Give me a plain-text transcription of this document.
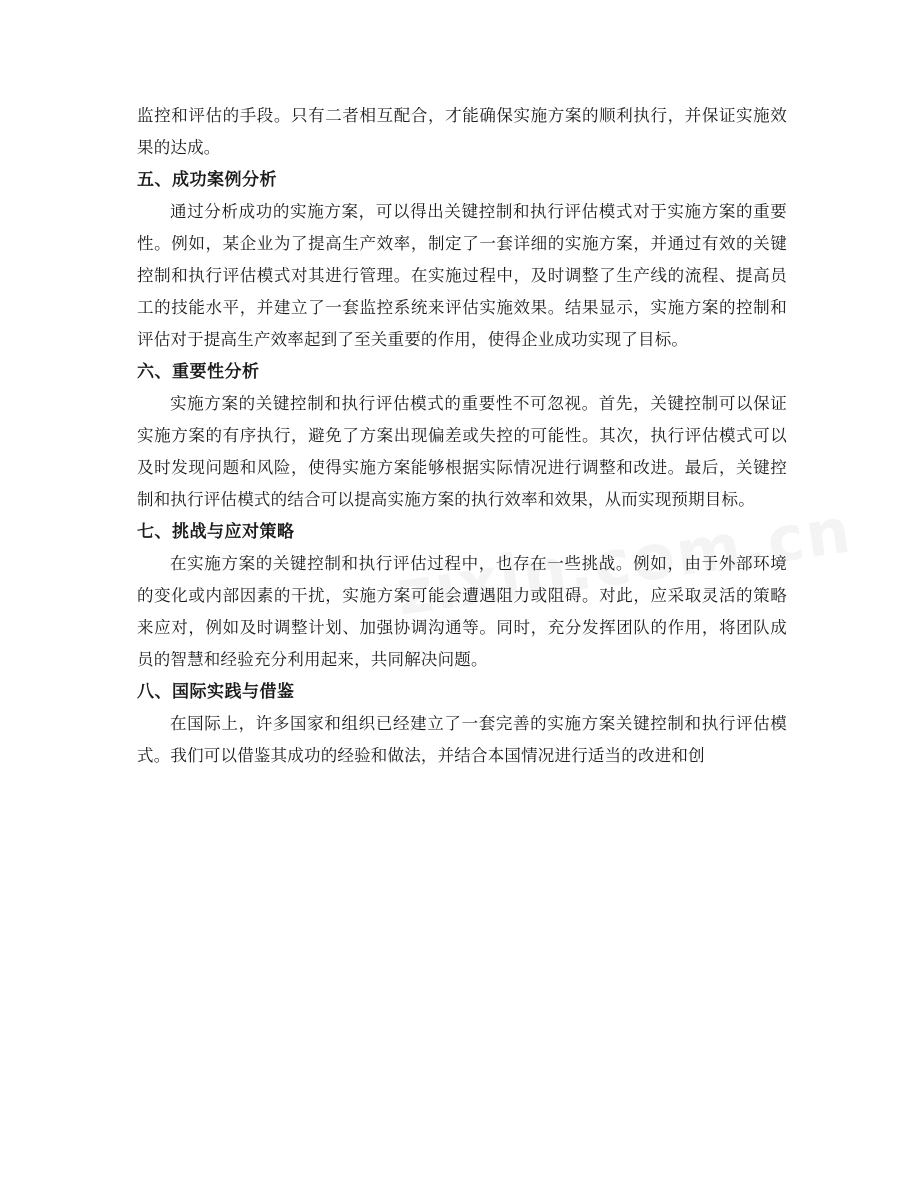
监控和评估的手段。只有二者相互配合，才能确保实施方案的顺利执行，并保证实施效果的达成。

五、成功案例分析

通过分析成功的实施方案，可以得出关键控制和执行评估模式对于实施方案的重要性。例如，某企业为了提高生产效率，制定了一套详细的实施方案，并通过有效的关键控制和执行评估模式对其进行管理。在实施过程中，及时调整了生产线的流程、提高员工的技能水平，并建立了一套监控系统来评估实施效果。结果显示，实施方案的控制和评估对于提高生产效率起到了至关重要的作用，使得企业成功实现了目标。

六、重要性分析

实施方案的关键控制和执行评估模式的重要性不可忽视。首先，关键控制可以保证实施方案的有序执行，避免了方案出现偏差或失控的可能性。其次，执行评估模式可以及时发现问题和风险，使得实施方案能够根据实际情况进行调整和改进。最后，关键控制和执行评估模式的结合可以提高实施方案的执行效率和效果，从而实现预期目标。

七、挑战与应对策略

在实施方案的关键控制和执行评估过程中，也存在一些挑战。例如，由于外部环境的变化或内部因素的干扰，实施方案可能会遭遇阻力或阻碍。对此，应采取灵活的策略来应对，例如及时调整计划、加强协调沟通等。同时，充分发挥团队的作用，将团队成员的智慧和经验充分利用起来，共同解决问题。

八、国际实践与借鉴

在国际上，许多国家和组织已经建立了一套完善的实施方案关键控制和执行评估模式。我们可以借鉴其成功的经验和做法，并结合本国情况进行适当的改进和创
